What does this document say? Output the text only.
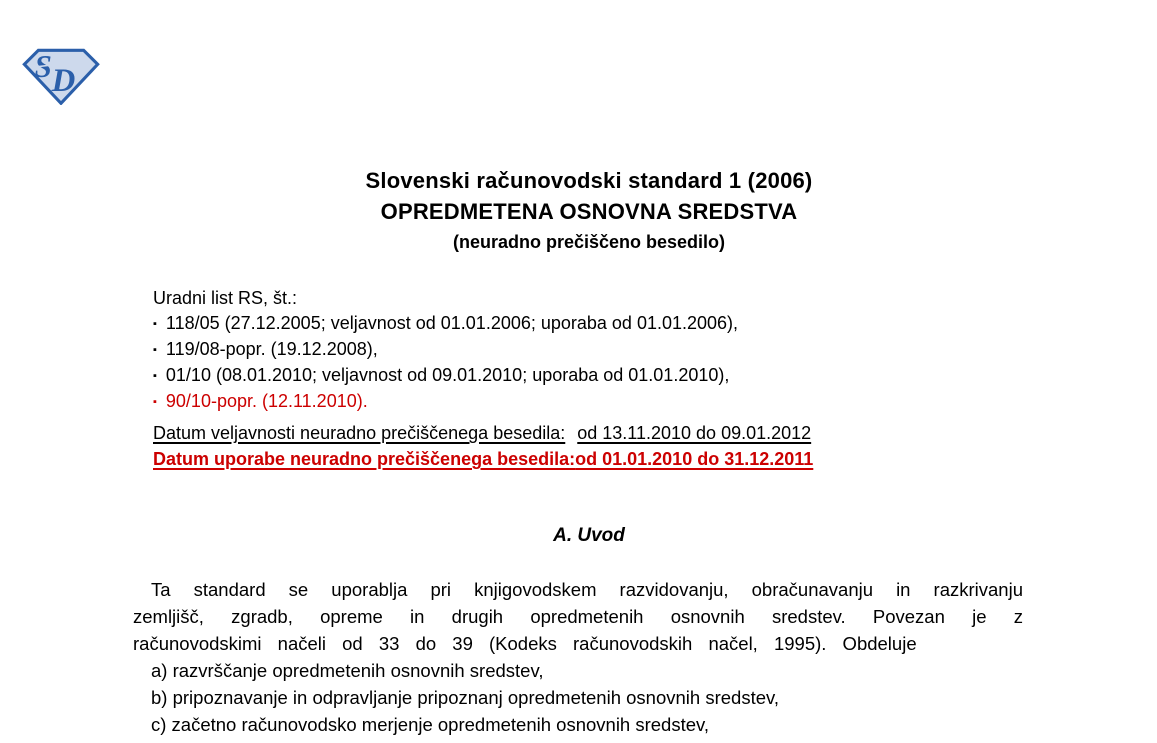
S D
Slovenski računovodski standard 1 (2006)
OPREDMETENA OSNOVNA SREDSTVA
(neuradno prečiščeno besedilo)
Uradni list RS, št.:
▪ 118/05 (27.12.2005; veljavnost od 01.01.2006; uporaba od 01.01.2006),
▪ 119/08-popr. (19.12.2008),
▪ 01/10 (08.01.2010; veljavnost od 09.01.2010; uporaba od 01.01.2010),
▪ 90/10-popr. (12.11.2010).
Datum veljavnosti neuradno prečiščenega besedila: od 13.11.2010 do 09.01.2012
Datum uporabe neuradno prečiščenega besedila:od 01.01.2010 do 31.12.2011
A. Uvod

Ta standard se uporablja pri knjigovodskem razvidovanju, obračunavanju in razkrivanju zemljišč, zgradb, opreme in drugih opredmetenih osnovnih sredstev. Povezan je z računovodskimi načeli od 33 do 39 (Kodeks računovodskih načel, 1995). Obdeluje

a) razvrščanje opredmetenih osnovnih sredstev,
b) pripoznavanje in odpravljanje pripoznanj opredmetenih osnovnih sredstev,
c) začetno računovodsko merjenje opredmetenih osnovnih sredstev,
